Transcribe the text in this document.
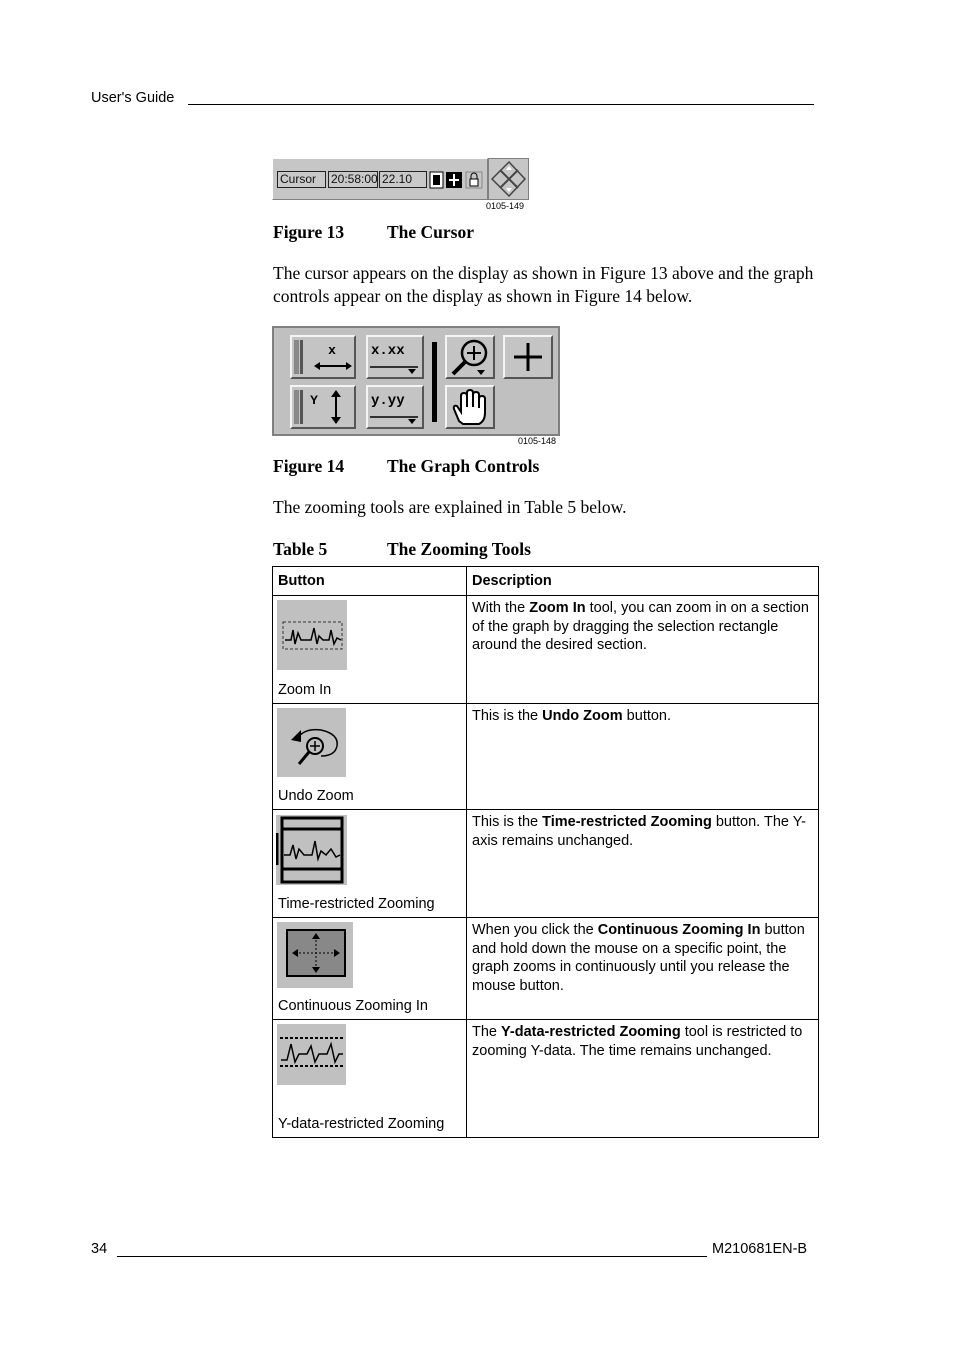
User's Guide
Cursor	20:58:00 22.10
0105-149
Figure 13 The Cursor
The cursor appears on the display as shown in Figure 13 above and the graph controls appear on the display as shown in Figure 14 below.
x	x.xx
Y	y.yy
0105-148
Figure 14 The Graph Controls
The zooming tools are explained in Table 5 below.
Table 5	The Zooming Tools
Button	Description

Zoom In	With the Zoom In tool, you can zoom in on a section of the graph by dragging the selection rectangle around the desired section.

Undo Zoom	This is the Undo Zoom button.

Time-restricted Zooming	This is the Time-restricted Zooming button. The Y-axis remains unchanged.

Continuous Zooming In	When you click the Continuous Zooming In button and hold down the mouse on a specific point, the graph zooms in continuously until you release the mouse button.

Y-data-restricted Zooming	The Y-data-restricted Zooming tool is restricted to zooming Y-data. The time remains unchanged.
34	M210681EN-B
